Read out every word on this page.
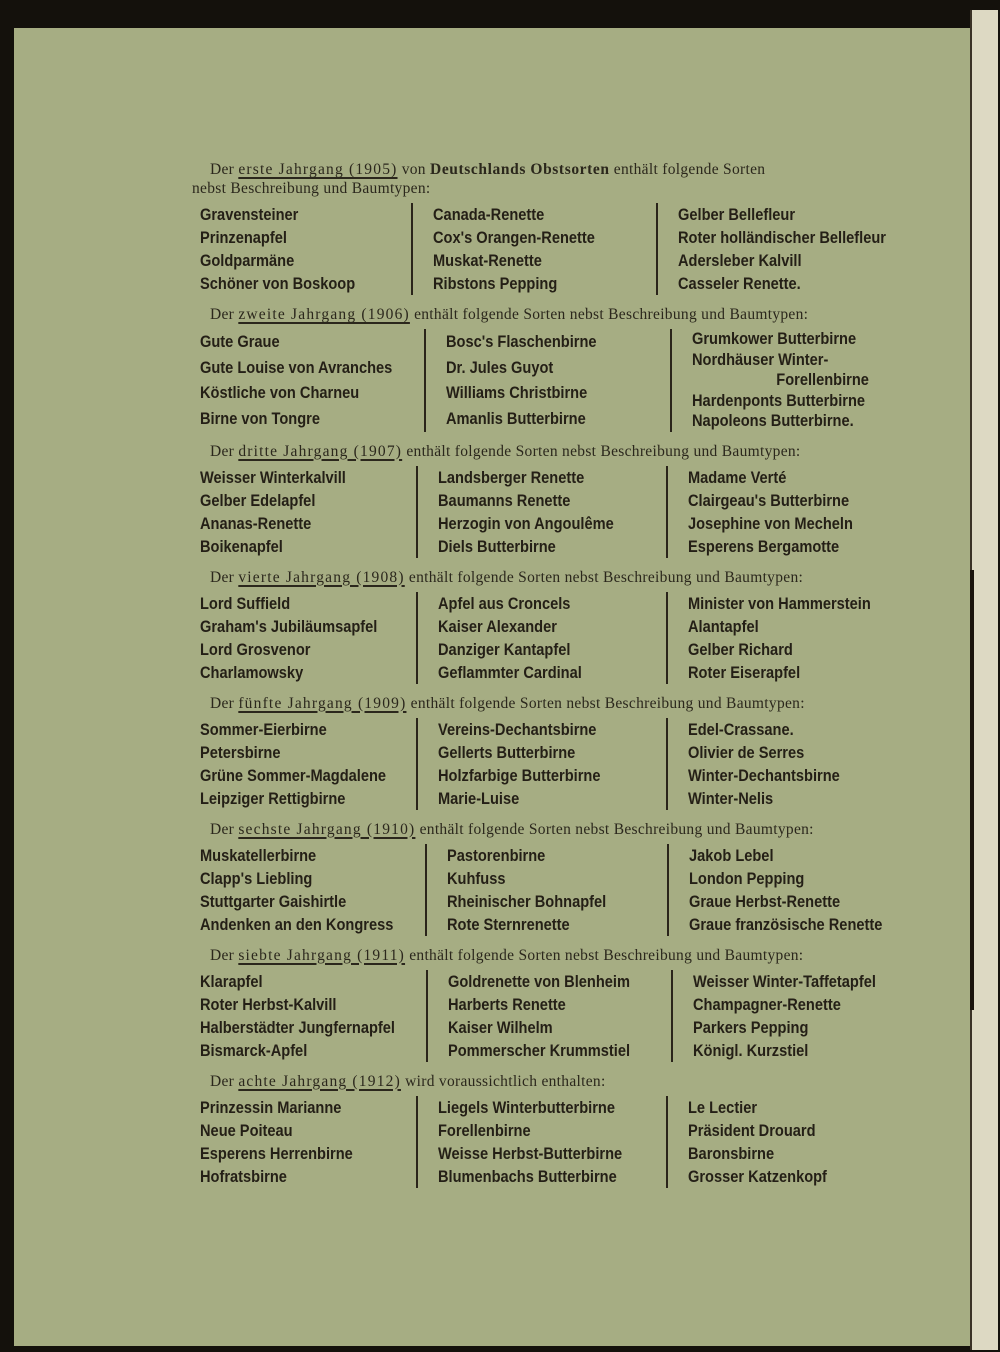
Der erste Jahrgang (1905) von Deutschlands Obstsorten enthält folgende Sorten
nebst Beschreibung und Baumtypen:
Gravensteiner
Prinzenapfel
Goldparmäne
Schöner von Boskoop
Canada-Renette
Cox's Orangen-Renette
Muskat-Renette
Ribstons Pepping
Gelber Bellefleur
Roter holländischer Bellefleur
Adersleber Kalvill
Casseler Renette.
Der zweite Jahrgang (1906) enthält folgende Sorten nebst Beschreibung und Baumtypen:
Gute Graue
Gute Louise von Avranches
Köstliche von Charneu
Birne von Tongre
Bosc's Flaschenbirne
Dr. Jules Guyot
Williams Christbirne
Amanlis Butterbirne
Grumkower Butterbirne
Nordhäuser Winter-
Forellenbirne
Hardenponts Butterbirne
Napoleons Butterbirne.
Der dritte Jahrgang (1907) enthält folgende Sorten nebst Beschreibung und Baumtypen:
Weisser Winterkalvill
Gelber Edelapfel
Ananas-Renette
Boikenapfel
Landsberger Renette
Baumanns Renette
Herzogin von Angoulême
Diels Butterbirne
Madame Verté
Clairgeau's Butterbirne
Josephine von Mecheln
Esperens Bergamotte
Der vierte Jahrgang (1908) enthält folgende Sorten nebst Beschreibung und Baumtypen:
Lord Suffield
Graham's Jubiläumsapfel
Lord Grosvenor
Charlamowsky
Apfel aus Croncels
Kaiser Alexander
Danziger Kantapfel
Geflammter Cardinal
Minister von Hammerstein
Alantapfel
Gelber Richard
Roter Eiserapfel
Der fünfte Jahrgang (1909) enthält folgende Sorten nebst Beschreibung und Baumtypen:
Sommer-Eierbirne
Petersbirne
Grüne Sommer-Magdalene
Leipziger Rettigbirne
Vereins-Dechantsbirne
Gellerts Butterbirne
Holzfarbige Butterbirne
Marie-Luise
Edel-Crassane.
Olivier de Serres
Winter-Dechantsbirne
Winter-Nelis
Der sechste Jahrgang (1910) enthält folgende Sorten nebst Beschreibung und Baumtypen:
Muskatellerbirne
Clapp's Liebling
Stuttgarter Gaishirtle
Andenken an den Kongress
Pastorenbirne
Kuhfuss
Rheinischer Bohnapfel
Rote Sternrenette
Jakob Lebel
London Pepping
Graue Herbst-Renette
Graue französische Renette
Der siebte Jahrgang (1911) enthält folgende Sorten nebst Beschreibung und Baumtypen:
Klarapfel
Roter Herbst-Kalvill
Halberstädter Jungfernapfel
Bismarck-Apfel
Goldrenette von Blenheim
Harberts Renette
Kaiser Wilhelm
Pommerscher Krummstiel
Weisser Winter-Taffetapfel
Champagner-Renette
Parkers Pepping
Königl. Kurzstiel
Der achte Jahrgang (1912) wird voraussichtlich enthalten:
Prinzessin Marianne
Neue Poiteau
Esperens Herrenbirne
Hofratsbirne
Liegels Winterbutterbirne
Forellenbirne
Weisse Herbst-Butterbirne
Blumenbachs Butterbirne
Le Lectier
Präsident Drouard
Baronsbirne
Grosser Katzenkopf
